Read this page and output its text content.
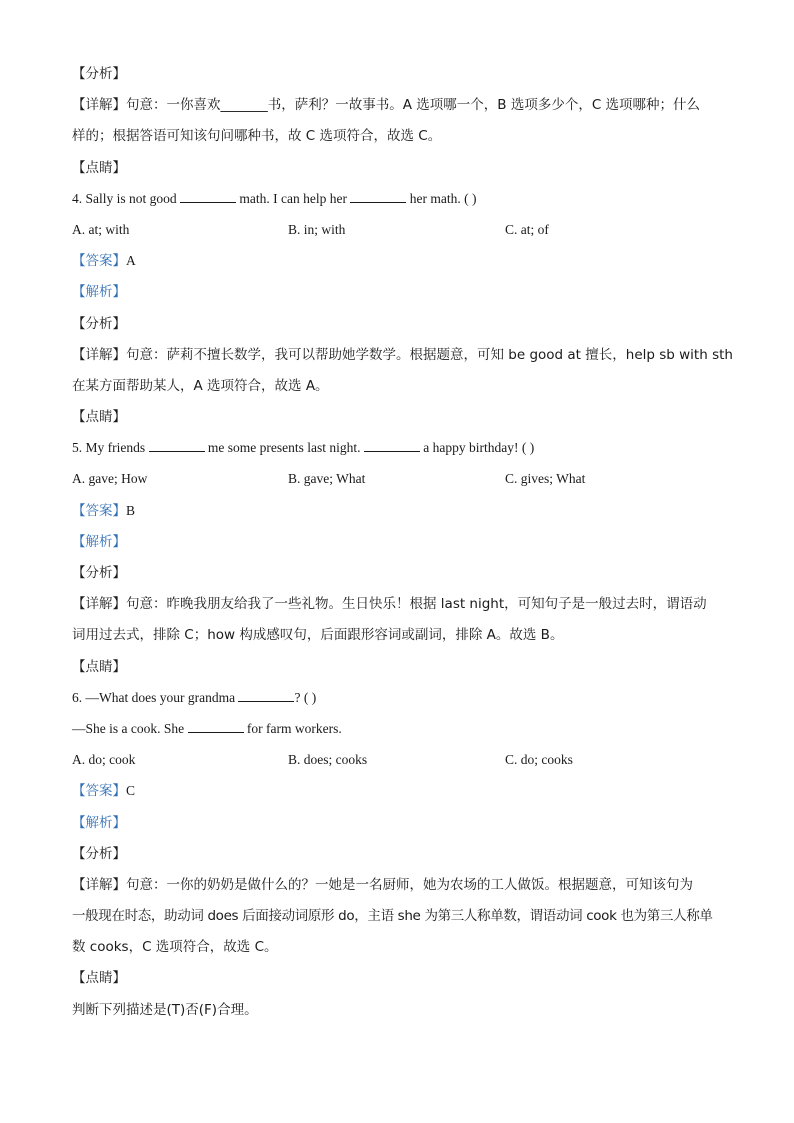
【分析】
【详解】句意：一你喜欢_______书，萨利？一故事书。A 选项哪一个，B 选项多少个，C 选项哪种；什么
样的；根据答语可知该句问哪种书，故 C 选项符合，故选 C。
【点睛】
4. Sally is not good	math. I can help her	her math. ( )
A. at; with	B. in; with	C. at; of
【答案】A
【解析】
【分析】
【详解】句意：萨莉不擅长数学，我可以帮助她学数学。根据题意，可知 be good at 擅长，help sb with sth
在某方面帮助某人，A 选项符合，故选 A。
【点睛】
5. My friends	me some presents last night.	a happy birthday! ( )
A. gave; How	B. gave; What	C. gives; What
【答案】B
【解析】
【分析】
【详解】句意：昨晚我朋友给我了一些礼物。生日快乐！根据 last night，可知句子是一般过去时，谓语动
词用过去式，排除 C；how 构成感叹句，后面跟形容词或副词，排除 A。故选 B。
【点睛】
6. —What does your grandma	? ( )
—She is a cook. She	for farm workers.
A. do; cook	B. does; cooks	C. do; cooks
【答案】C
【解析】
【分析】
【详解】句意：一你的奶奶是做什么的？一她是一名厨师，她为农场的工人做饭。根据题意，可知该句为
一般现在时态，助动词 does 后面接动词原形 do，主语 she 为第三人称单数，谓语动词 cook 也为第三人称单
数 cooks，C 选项符合，故选 C。
【点睛】
判断下列描述是(T)否(F)合理。
